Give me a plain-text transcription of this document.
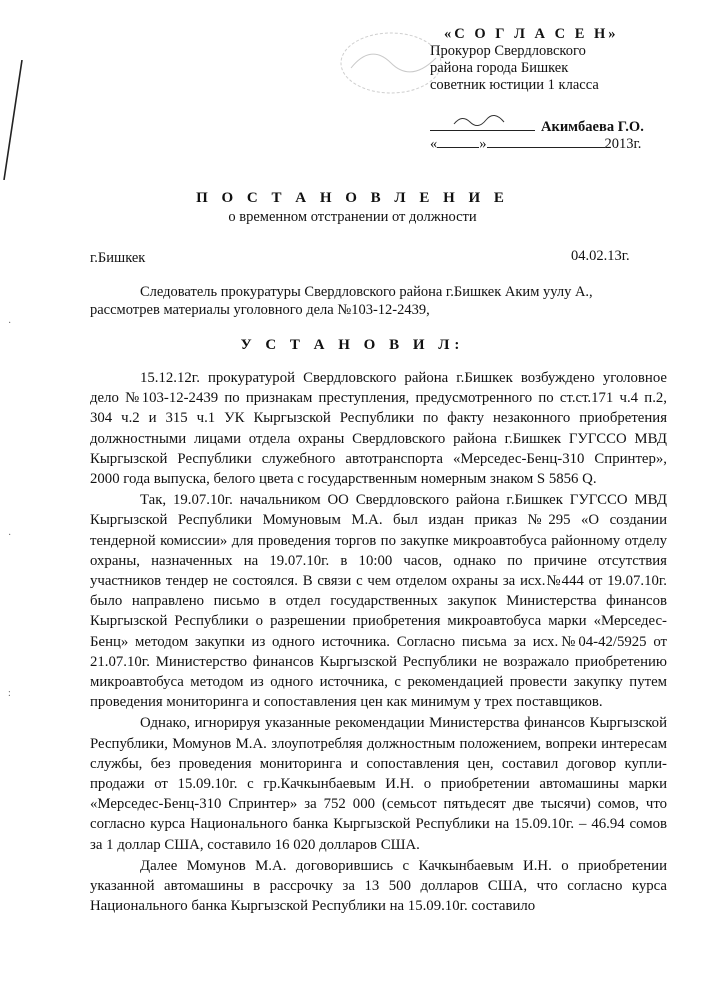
·
·
:
«С О Г Л А С Е Н»
Прокурор Свердловского
района города Бишкек
советник юстиции 1 класса
Акимбаева Г.О.
«	»	2013г.
П О С Т А Н О В Л Е Н И Е
о временном отстранении от должности
г.Бишкек	04.02.13г.
Следователь прокуратуры Свердловского района г.Бишкек Аким уулу А.,
рассмотрев материалы уголовного дела №103-12-2439,
У С Т А Н О В И Л:

15.12.12г. прокуратурой Свердловского района г.Бишкек возбуждено уголовное дело №103-12-2439 по признакам преступления, предусмотренного по ст.ст.171 ч.4 п.2, 304 ч.2 и 315 ч.1 УК Кыргызской Республики по факту незаконного приобретения должностными лицами отдела охраны Свердловского района г.Бишкек ГУГССО МВД Кыргызской Республики служебного автотранспорта «Мерседес-Бенц-310 Спринтер», 2000 года выпуска, белого цвета с государственным номерным знаком S 5856 Q.

Так, 19.07.10г. начальником ОО Свердловского района г.Бишкек ГУГССО МВД Кыргызской Республики Момуновым М.А. был издан приказ №295 «О создании тендерной комиссии» для проведения торгов по закупке микроавтобуса районному отделу охраны, назначенных на 19.07.10г. в 10:00 часов, однако по причине отсутствия участников тендер не состоялся. В связи с чем отделом охраны за исх.№444 от 19.07.10г. было направлено письмо в отдел государственных закупок Министерства финансов Кыргызской Республики о разрешении приобретения микроавтобуса марки «Мерседес-Бенц» методом закупки из одного источника. Согласно письма за исх.№04-42/5925 от 21.07.10г. Министерство финансов Кыргызской Республики не возражало приобретению микроавтобуса методом из одного источника, с рекомендацией провести закупку путем проведения мониторинга и сопоставления цен как минимум у трех поставщиков.

Однако, игнорируя указанные рекомендации Министерства финансов Кыргызской Республики, Момунов М.А. злоупотребляя должностным положением, вопреки интересам службы, без проведения мониторинга и сопоставления цен, составил договор купли-продажи от 15.09.10г. с гр.Качкынбаевым И.Н. о приобретении автомашины марки «Мерседес-Бенц-310 Спринтер» за 752 000 (семьсот пятьдесят две тысячи) сомов, что согласно курса Национального банка Кыргызской Республики на 15.09.10г. – 46.94 сомов за 1 доллар США, составило 16 020 долларов США.

Далее Момунов М.А. договорившись с Качкынбаевым И.Н. о приобретении указанной автомашины в рассрочку за 13 500 долларов США, что согласно курса Национального банка Кыргызской Республики на 15.09.10г. составило
